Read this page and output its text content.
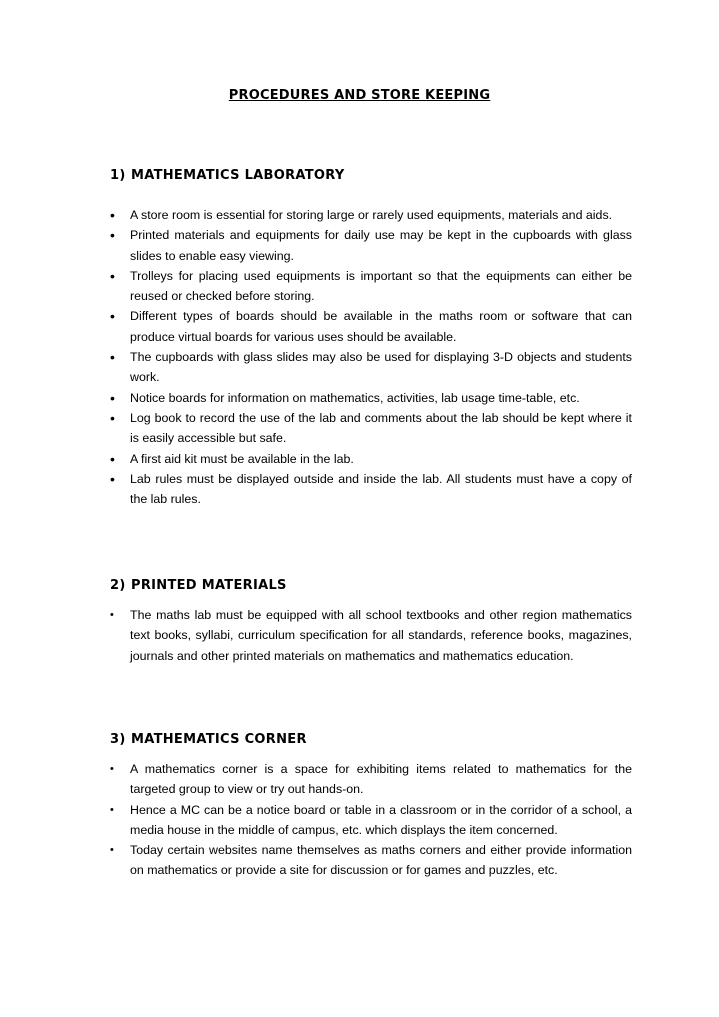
PROCEDURES AND STORE KEEPING
1) MATHEMATICS LABORATORY
•	A store room is essential for storing large or rarely used equipments, materials and aids.
•	Printed materials and equipments for daily use may be kept in the cupboards with glass slides to enable easy viewing.
•	Trolleys for placing used equipments is important so that the equipments can either be reused or checked before storing.
•	Different types of boards should be available in the maths room or software that can produce virtual boards for various uses should be available.
•	The cupboards with glass slides may also be used for displaying 3-D objects and students work.
•	Notice boards for information on mathematics, activities, lab usage time-table, etc.
•	Log book to record the use of the lab and comments about the lab should be kept where it is easily accessible but safe.
•	A first aid kit must be available in the lab.
•	Lab rules must be displayed outside and inside the lab. All students must have a copy of the lab rules.
2) PRINTED MATERIALS
•	The maths lab must be equipped with all school textbooks and other region mathematics text books, syllabi, curriculum specification for all standards, reference books, magazines, journals and other printed materials on mathematics and mathematics education.
3) MATHEMATICS CORNER
•	A mathematics corner is a space for exhibiting items related to mathematics for the targeted group to view or try out hands-on.
•	Hence a MC can be a notice board or table in a classroom or in the corridor of a school, a media house in the middle of campus, etc. which displays the item concerned.
•	Today certain websites name themselves as maths corners and either provide information on mathematics or provide a site for discussion or for games and puzzles, etc.
